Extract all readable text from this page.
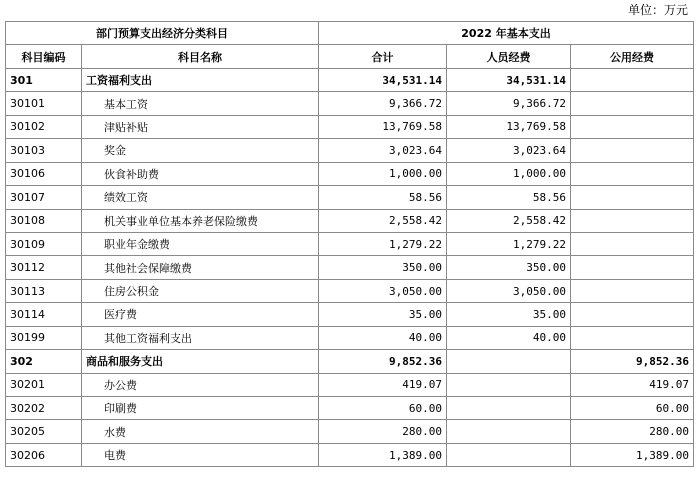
单位：万元
部门预算支出经济分类科目		2022 年基本支出		
科目编码	科目名称	合计	人员经费	公用经费
301	工资福利支出	34,531.14	34,531.14	
30101	基本工资	9,366.72	9,366.72	
30102	津贴补贴	13,769.58	13,769.58	
30103	奖金	3,023.64	3,023.64	
30106	伙食补助费	1,000.00	1,000.00	
30107	绩效工资	58.56	58.56	
30108	机关事业单位基本养老保险缴费	2,558.42	2,558.42	
30109	职业年金缴费	1,279.22	1,279.22	
30112	其他社会保障缴费	350.00	350.00	
30113	住房公积金	3,050.00	3,050.00	
30114	医疗费	35.00	35.00	
30199	其他工资福利支出	40.00	40.00	
302	商品和服务支出	9,852.36		9,852.36
30201	办公费	419.07		419.07
30202	印刷费	60.00		60.00
30205	水费	280.00		280.00
30206	电费	1,389.00		1,389.00
